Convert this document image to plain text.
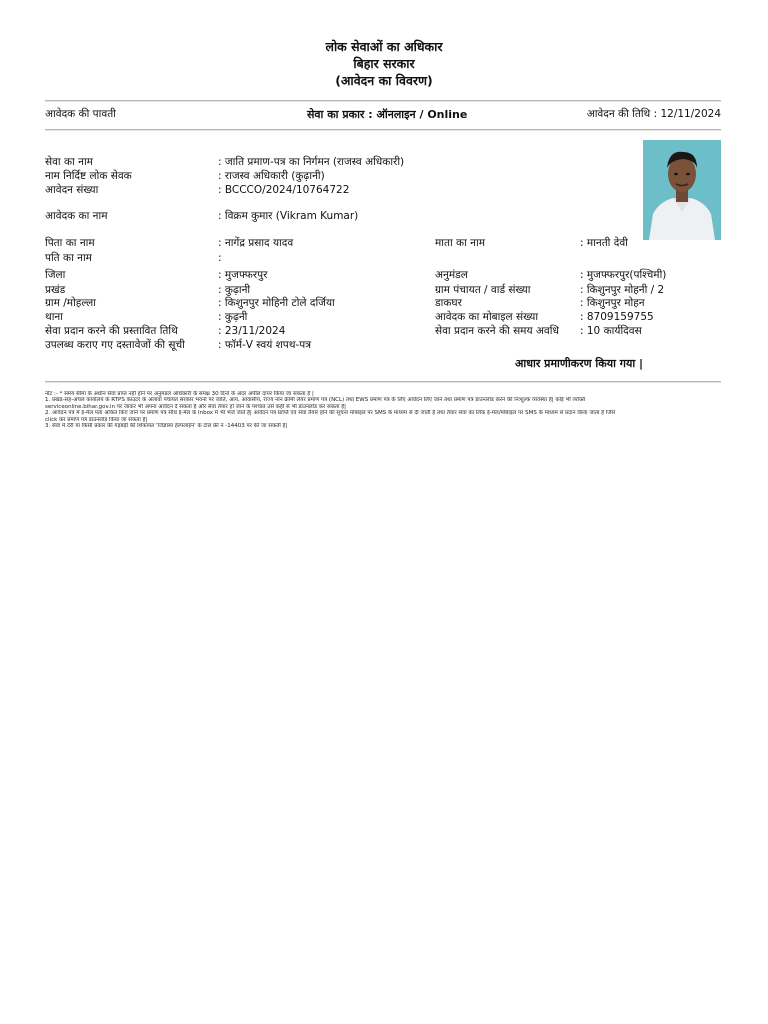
लोक सेवाओं का अधिकार
बिहार सरकार
(आवेदन का विवरण)
आवेदक की पावती	सेवा का प्रकार : ऑनलाइन / Online	आवेदन की तिथि : 12/11/2024
सेवा का नाम	: जाति प्रमाण-पत्र का निर्गमन (राजस्व अधिकारी)
नाम निर्दिष्ट लोक सेवक	: राजस्व अधिकारी (कुढ़ानी)
आवेदन संख्या	: BCCCO/2024/10764722
आवेदक का नाम	: विक्रम कुमार (Vikram Kumar)
पिता का नाम	: नागेंद्र प्रसाद यादव	माता का नाम	: मानती देवी
पति का नाम	:
जिला	: मुजफ्फरपुर	अनुमंडल	: मुजफ्फरपुर(पश्चिमी)
प्रखंड	: कुढ़ानी	ग्राम पंचायत / वार्ड संख्या	: किशुनपुर मोहनी / 2
ग्राम /मोहल्ला	: किशुनपुर मोहिनी टोले दर्जिया	डाकघर	: किशुनपुर मोहन
थाना	: कुढ़नी	आवेदक का मोबाइल संख्या	: 8709159755
सेवा प्रदान करने की प्रस्तावित तिथि	: 23/11/2024	सेवा प्रदान करने की समय अवधि : 10 कार्यदिवस
उपलब्ध कराए गए दस्तावेजों की सूची	: फॉर्म-V स्वयं शपथ-पत्र
आधार प्रमाणीकरण किया गया |
नोट :- * समय सीमा के अधीन सेवा प्राप्त नहीं होने पर अनुमंडल अधिकारी के समक्ष 30 दिनों के अंदर अपील दायर किया जा सकता है |
1. प्रखंड-सह-अंचल कार्यालय के RTPS काउंटर के अलावा पंचायत सरकार भवनों पर जाति, आय, आवासीय, राज्य नॉन क्रीमी लेयर प्रमाण पत्र (NCL) तथा EWS प्रमाण पत्र के लिए आवेदन लिए जाने तथा प्रमाण पत्र डाउनलोड करने की निःशुल्क व्यवस्था है| कोई भी व्यक्ति
serviceonline.bihar.gov.in पर जाकर भी अपना आवेदन दे सकता है और सेवा तैयार हो जाने के पश्चात उसे कहीं से भी डाउनलोड कर सकता है|
2. आवेदन पत्र में ई-मेल पता अंकित किए जाने पर प्रमाण पत्र सीधे ई-मेल के Inbox में भी भेजे जाते हैं| आवेदन पत्र प्राप्ति एवं सेवा तैयार होने की सूचना मोबाइल पर SMS के माध्यम से दी जाती है तथा तैयार सेवा का लिंक ई-मेल/मोबाइल पर SMS के माध्यम से प्रदान किया जाता है जिसे
click कर प्रमाण पत्र डाउनलोड किया जा सकता है|
3. सेवा में देरी या किसी प्रकार की गड़बड़ी की शिकायत 'जिज्ञासा हेल्पलाईन' के टोल फ्री नं -14403 पर की जा सकती है|
